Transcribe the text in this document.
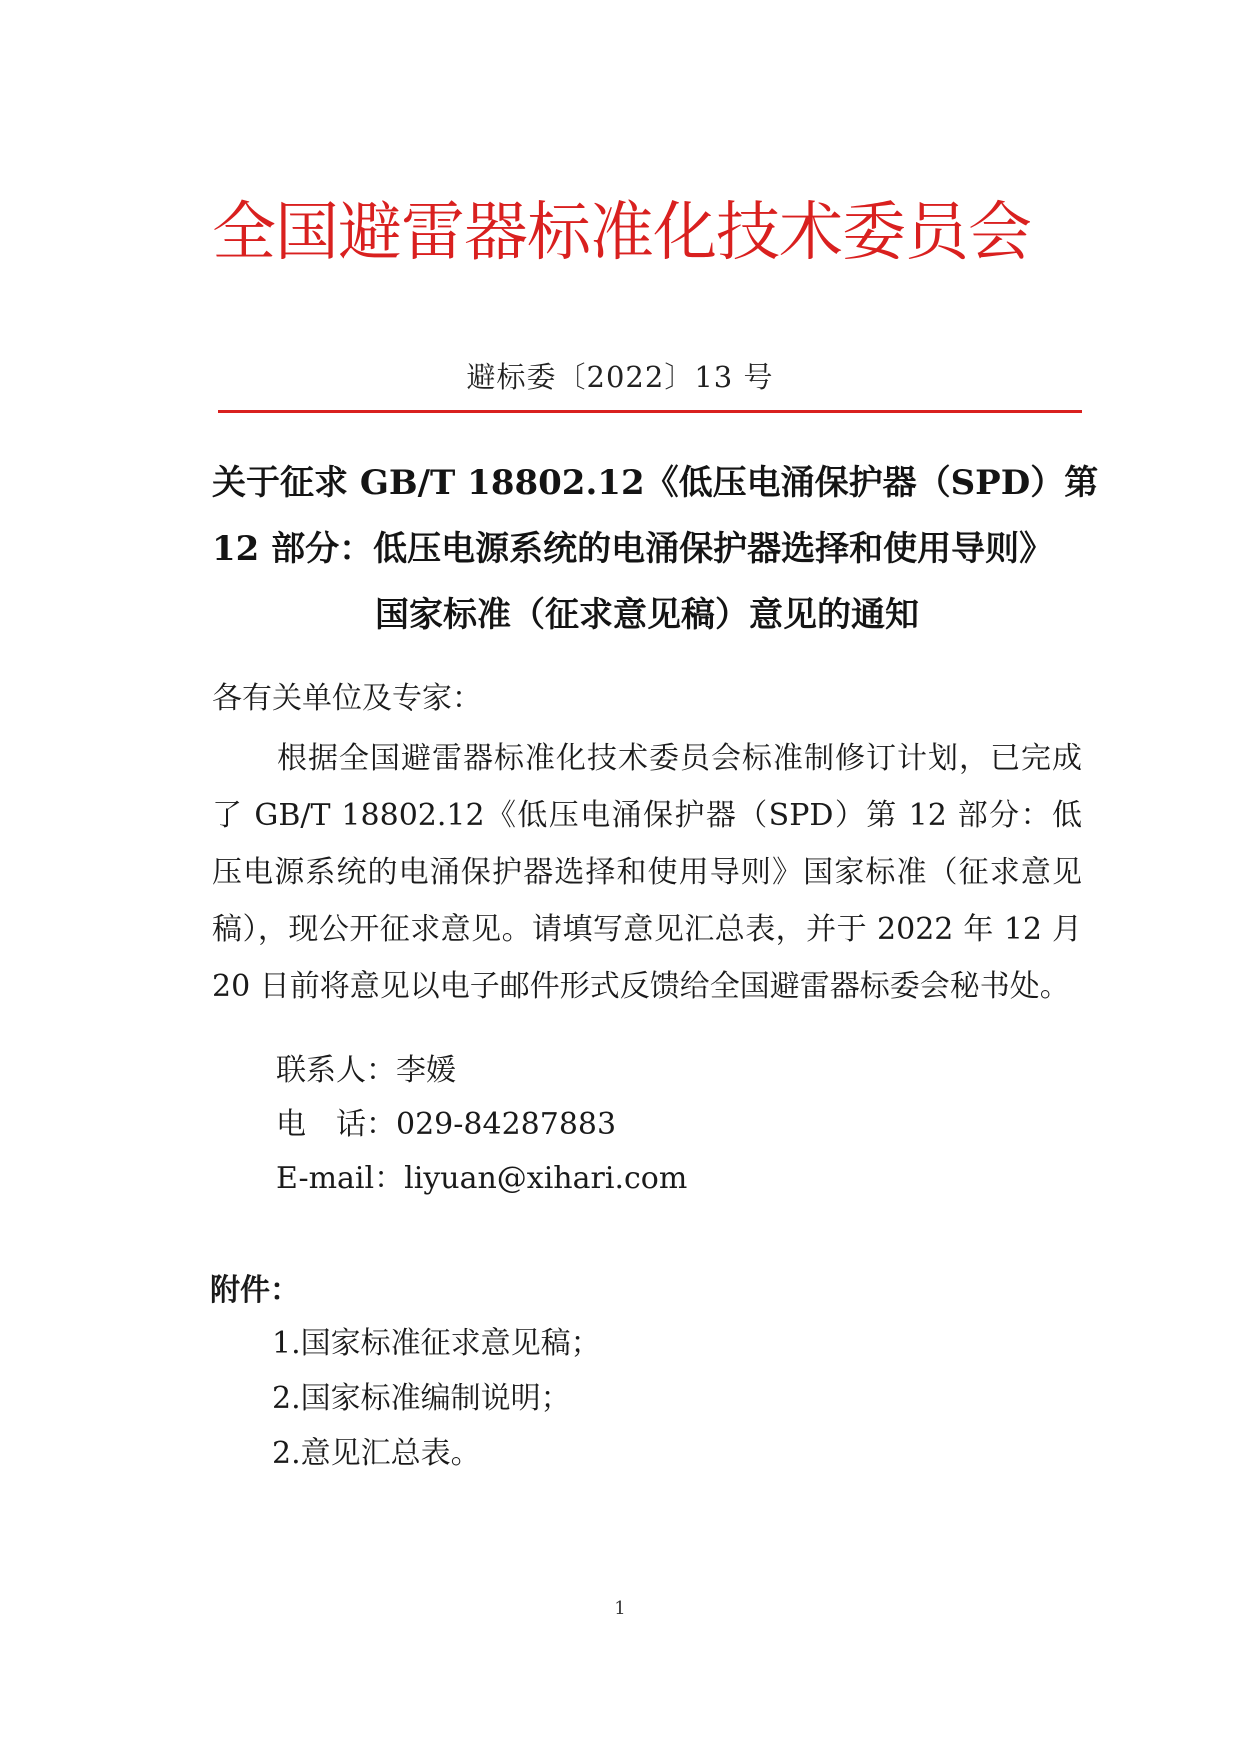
全国避雷器标准化技术委员会
避标委〔2022〕13 号
关于征求 GB/T 18802.12《低压电涌保护器（SPD）第
12 部分：低压电源系统的电涌保护器选择和使用导则》
国家标准（征求意见稿）意见的通知
各有关单位及专家：
根据全国避雷器标准化技术委员会标准制修订计划，已完成了 GB/T 18802.12《低压电涌保护器（SPD）第 12 部分：低压电源系统的电涌保护器选择和使用导则》国家标准（征求意见稿），现公开征求意见。请填写意见汇总表，并于 2022 年 12 月 20 日前将意见以电子邮件形式反馈给全国避雷器标委会秘书处。
联系人：李媛
电　话：029-84287883
E-mail：liyuan@xihari.com
附件：
1.国家标准征求意见稿；
2.国家标准编制说明；
2.意见汇总表。
1
